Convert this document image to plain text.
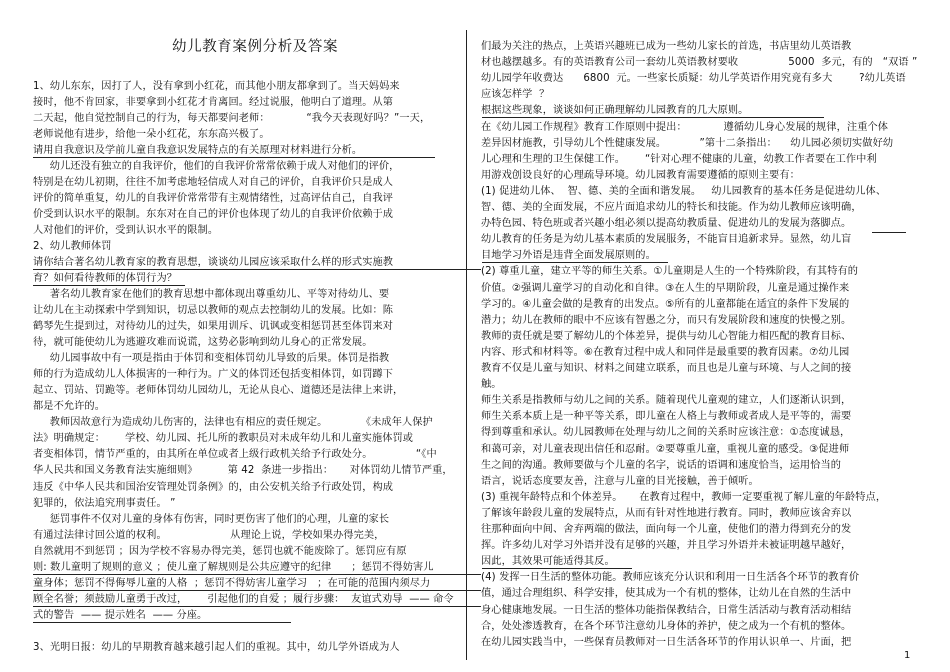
幼儿教育案例分析及答案
1、幼儿东东，因打了人，没有拿到小红花，而其他小朋友都拿到了。当天妈妈来
接时，他不肯回家，非要拿到小红花才肯离回。经过说服，他明白了道理。从第
二天起，他自觉控制自己的行为，每天都要问老师：           “我今天表现好吗？”一天，
老师说他有进步，给他一朵小红花，东东高兴极了。
请用自我意识及学前儿童自我意识发展特点的有关原理对材料进行分析。
幼儿还没有独立的自我评价，他们的自我评价常常依赖于成人对他们的评价，
特别是在幼儿初期，往往不加考虑地轻信成人对自己的评价，自我评价只是成人
评价的简单重复，幼儿的自我评价常常带有主观情绪性，过高评估自己，自我评
价受到认识水平的限制。东东对在自己的评价也体现了幼儿的自我评价依赖于成
人对他们的评价，受到认识水平的限制。
2、幼儿教师体罚
请你结合著名幼儿教育家的教育思想，谈谈幼儿园应该采取什么样的形式实施教
育？如何看待教师的体罚行为？
著名幼儿教育家在他们的教育思想中都体现出尊重幼儿、平等对待幼儿、要
让幼儿在主动探索中学到知识，切忌以教师的观点去控制幼儿的发展。比如：陈
鹤琴先生提到过，对待幼儿的过失，如果用训斥、讥讽或变相惩罚甚至体罚来对
待，就可能使幼儿为逃避攻难而说谎，这势必影响到幼儿身心的正常发展。
幼儿园事故中有一项是指由于体罚和变相体罚幼儿导致的后果。体罚是指教
师的行为造成幼儿人体损害的一种行为。广义的体罚还包括变相体罚，如罚蹲下
起立、罚站、罚跪等。老师体罚幼儿园幼儿，无论从良心、道德还是法律上来讲，
都是不允许的。
教师因故意行为造成幼儿伤害的，法律也有相应的责任规定。          《未成年人保护
法》明确规定：      学校、幼儿园、托儿所的教职员对未成年幼儿和儿童实施体罚或
者变相体罚，情节严重的，由其所在单位或者上级行政机关给予行政处分。             “《中
华人民共和国义务教育法实施细则》         第 42  条进一步指出：     对体罚幼儿情节严重，
违反《中华人民共和国治安管理处罚条例》的，由公安机关给予行政处罚，构成
犯罪的，依法追究刑事责任。 ”
惩罚事件不仅对儿童的身体有伤害，同时更伤害了他们的心理，儿童的家长
有通过法律讨回公道的权利。                   从理论上说，学校如果办得完美，
自然就用不到惩罚 ；因为学校不容易办得完美，惩罚也就不能废除了。惩罚应有原
则: 数儿童明了规则的意义 ；使儿童了解规则是公共应遵守的纪律      ；惩罚不得妨害儿
童身体；惩罚不得侮辱儿童的人格  ；惩罚不得妨害儿童学习   ；在可能的范围内须尽力
顾全名誉；须鼓励儿童勇于改过，      引起他们的自爱 ；履行步骤：  友谊式劝导  —— 命令
式的警告  —— 提示姓名  —— 分座。
3、光明日报：幼儿的早期教育越来越引起人们的重视。其中，幼儿学外语成为人
们最为关注的热点，上英语兴趣班已成为一些幼儿家长的首选，书店里幼儿英语教
材也越摆越多。有的英语教育公司一套幼儿英语教材要收               5000  多元，有的   “双语 ”
幼儿园学年收费达      6800  元。一些家长质疑：幼儿学英语作用究竟有多大        ?幼儿英语
应该怎样学  ？
根据这些现象，谈谈如何正确理解幼儿园教育的几大原则。
在《幼儿园工作规程》教育工作原则中提出：           遵循幼儿身心发展的规律，注重个体
差异因材施教，引导幼儿个性健康发展。          ”第十二条指出：    幼儿园必须切实做好幼
儿心理和生理的卫生保健工作。      “针对心理不健康的儿童，幼教工作者要在工作中利
用游戏创设良好的心理疏导环境。幼儿园教育需要遵循的原则主要有：
(1) 促进幼儿体、  智、德、美的全面和谐发展。   幼儿园教育的基本任务是促进幼儿体、
智、德、美的全面发展，不应片面追求幼儿的特长和技能。作为幼儿教师应该明确，
办特色园、特色班或者兴趣小组必须以提高幼教质量、促进幼儿的发展为落脚点。
幼儿教育的任务是为幼儿基本素质的发展服务，不能盲目追新求异。显然，幼儿盲
目地学习外语是违背全面发展原则的。
(2) 尊重儿童，建立平等的师生关系。①儿童期是人生的一个特殊阶段，有其特有的
价值。②强调儿童学习的自动化和自律。③在人生的早期阶段，儿童是通过操作来
学习的。④儿童会做的是教育的出发点。⑤所有的儿童都能在适宜的条件下发展的
潜力；幼儿在教师的眼中不应该有智愚之分，而只有发展阶段和速度的快慢之别。
教师的责任就是要了解幼儿的个体差异，提供与幼儿心智能力相匹配的教育目标、
内容、形式和材料等。⑥在教育过程中成人和同伴是最重要的教育因素。⑦幼儿园
教育不仅是儿童与知识、材料之间建立联系，而且也是儿童与环境、与人之间的接
触。
师生关系是指教师与幼儿之间的关系。随着现代儿童观的建立，人们逐渐认识到，
师生关系本质上是一种平等关系，即儿童在人格上与教师或者成人是平等的，需要
得到尊重和承认。幼儿园教师在处理与幼儿之间的关系时应该注意：①态度诚恳，
和蔼可亲，对儿童表现出信任和忍耐。②要尊重儿童，重视儿童的感受。③促进师
生之间的沟通。教师要做与个儿童的名字，说话的语调和速度恰当，运用恰当的
语言，说话态度要友善，注意与儿童的目光接触，善于倾听。
(3) 重视年龄特点和个体差异。     在教育过程中，教师一定要重视了解儿童的年龄特点，
了解该年龄段儿童的发展特点，从而有针对性地进行教育。同时，教师应该舍弃以
往那种面向中间、舍弃两端的做法，面向每一个儿童，使他们的潜力得到充分的发
挥。许多幼儿对学习外语并没有足够的兴趣，并且学习外语并未被证明越早越好，
因此，其效果可能适得其反。
(4) 发挥一日生活的整体功能。教师应该充分认识和利用一日生活各个环节的教育价
值，通过合理组织、科学安排，使其成为一个有机的整体，让幼儿在自然的生活中
身心健康地发展。一日生活的整体功能指保教结合，日常生活活动与教育活动相结
合，处处渗透教育，在各个环节注意幼儿身体的养护，使之成为一个有机的整体。
在幼儿园实践当中，一些保育员教师对一日生活各环节的作用认识单一、片面，把
1
